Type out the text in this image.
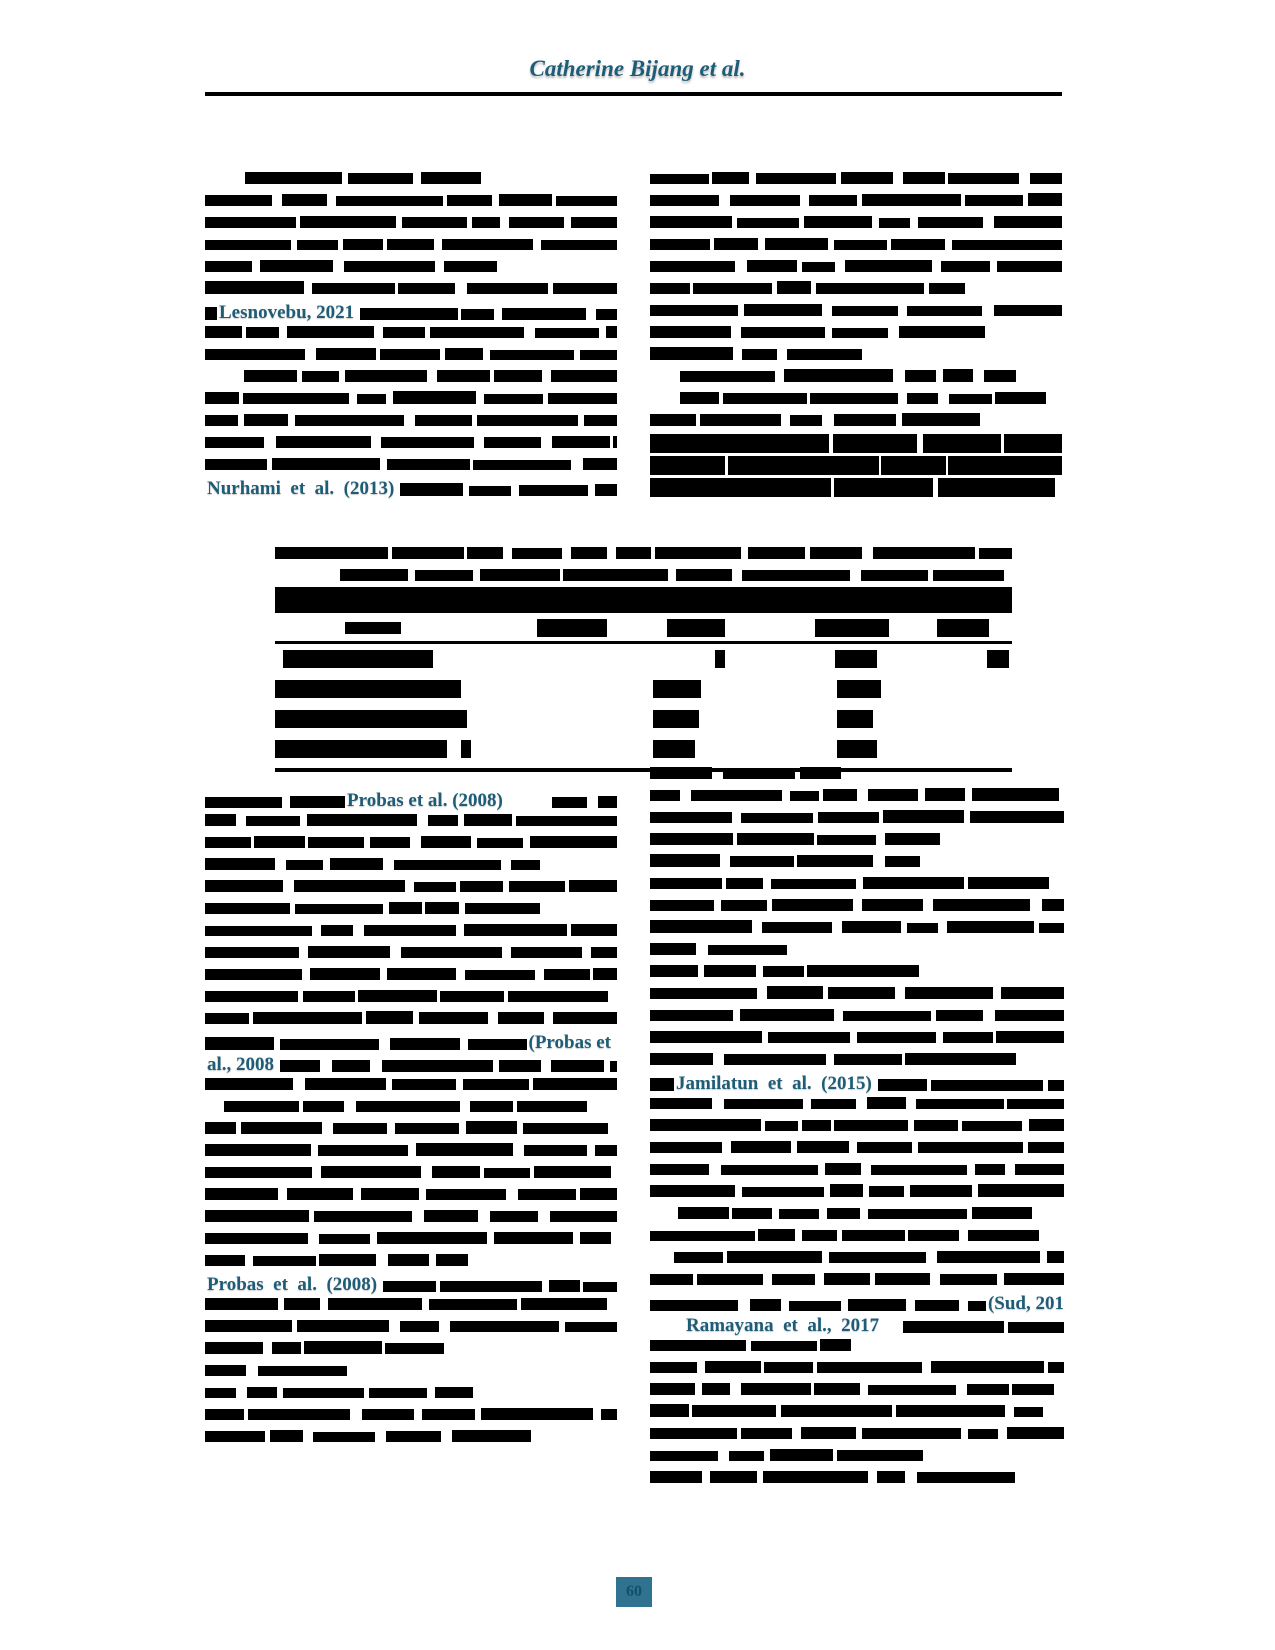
Catherine Bijang et al.
Lesnovebu, 2021
Nurhami  et  al.  (2013)
Probas et al. (2008)
(Probas et
al., 2008
Probas  et  al.  (2008)
Jamilatun  et  al.  (2015)
(Sud, 201
Ramayana  et  al.,  2017
60
